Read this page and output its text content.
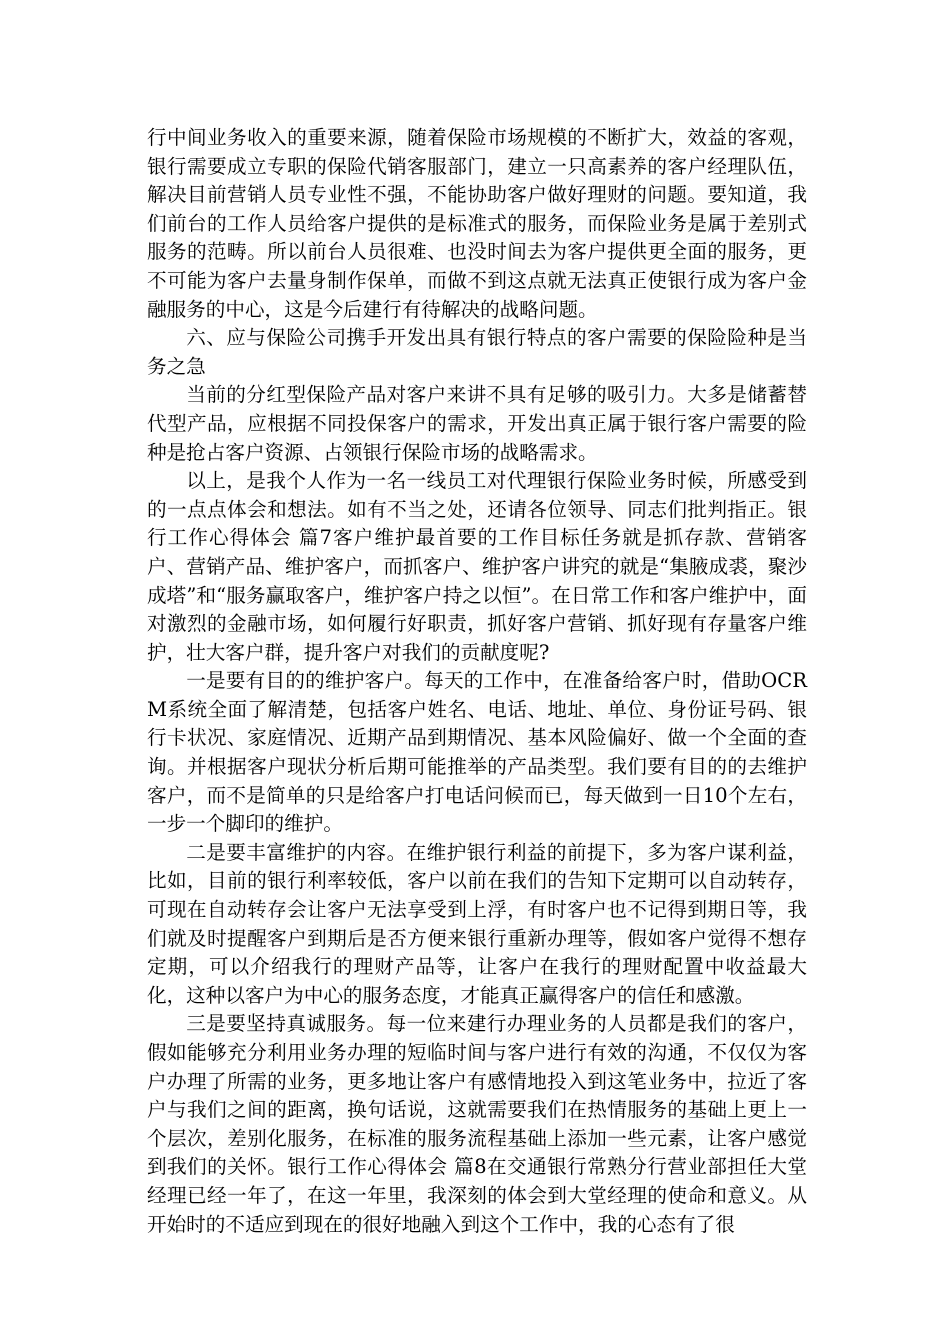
行中间业务收入的重要来源，随着保险市场规模的不断扩大，效益的客观，银行需要成立专职的保险代销客服部门，建立一只高素养的客户经理队伍，解决目前营销人员专业性不强，不能协助客户做好理财的问题。要知道，我们前台的工作人员给客户提供的是标准式的服务，而保险业务是属于差别式服务的范畴。所以前台人员很难、也没时间去为客户提供更全面的服务，更不可能为客户去量身制作保单，而做不到这点就无法真正使银行成为客户金融服务的中心，这是今后建行有待解决的战略问题。

六、应与保险公司携手开发出具有银行特点的客户需要的保险险种是当务之急

当前的分红型保险产品对客户来讲不具有足够的吸引力。大多是储蓄替代型产品，应根据不同投保客户的需求，开发出真正属于银行客户需要的险种是抢占客户资源、占领银行保险市场的战略需求。

以上，是我个人作为一名一线员工对代理银行保险业务时候，所感受到的一点点体会和想法。如有不当之处，还请各位领导、同志们批判指正。银行工作心得体会 篇7客户维护最首要的工作目标任务就是抓存款、营销客户、营销产品、维护客户，而抓客户、维护客户讲究的就是“集腋成裘，聚沙成塔”和“服务赢取客户，维护客户持之以恒”。在日常工作和客户维护中，面对激烈的金融市场，如何履行好职责，抓好客户营销、抓好现有存量客户维护，壮大客户群，提升客户对我们的贡献度呢?

一是要有目的的维护客户。每天的工作中，在准备给客户时，借助OCRM系统全面了解清楚，包括客户姓名、电话、地址、单位、身份证号码、银行卡状况、家庭情况、近期产品到期情况、基本风险偏好、做一个全面的查询。并根据客户现状分析后期可能推举的产品类型。我们要有目的的去维护客户，而不是简单的只是给客户打电话问候而已，每天做到一日10个左右，一步一个脚印的维护。

二是要丰富维护的内容。在维护银行利益的前提下，多为客户谋利益，比如，目前的银行利率较低，客户以前在我们的告知下定期可以自动转存，可现在自动转存会让客户无法享受到上浮，有时客户也不记得到期日等，我们就及时提醒客户到期后是否方便来银行重新办理等，假如客户觉得不想存定期，可以介绍我行的理财产品等，让客户在我行的理财配置中收益最大化，这种以客户为中心的服务态度，才能真正赢得客户的信任和感激。

三是要坚持真诚服务。每一位来建行办理业务的人员都是我们的客户，假如能够充分利用业务办理的短临时间与客户进行有效的沟通，不仅仅为客户办理了所需的业务，更多地让客户有感情地投入到这笔业务中，拉近了客户与我们之间的距离，换句话说，这就需要我们在热情服务的基础上更上一个层次，差别化服务，在标准的服务流程基础上添加一些元素，让客户感觉到我们的关怀。银行工作心得体会 篇8在交通银行常熟分行营业部担任大堂经理已经一年了，在这一年里，我深刻的体会到大堂经理的使命和意义。从开始时的不适应到现在的很好地融入到这个工作中，我的心态有了很
